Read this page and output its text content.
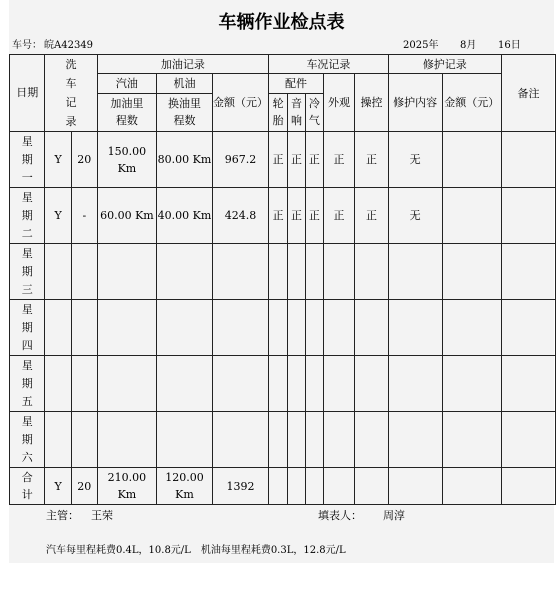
车辆作业检点表
车号： 皖A42349	2025年 8月 16日
日期	洗车记录		加油记录			车况记录					修护记录		备注
			汽油	机油	金额（元）	配件			外观	操控	修护内容	金额（元）	
			加油里程数	换油里程数		轮胎	音响	冷气					

星期一	Y	20	150.00 Km	80.00 Km	967.2	正	正	正	正	正	无		
星期二	Y	-	60.00 Km	40.00 Km	424.8	正	正	正	正	正	无		
星期三													
星期四													
星期五													
星期六													
合计	Y	20	210.00 Km	120.00 Km	1392								
主管： 王荣	填表人： 周淳
汽车每里程耗费0.4L，10.8元/L　机油每里程耗费0.3L，12.8元/L
